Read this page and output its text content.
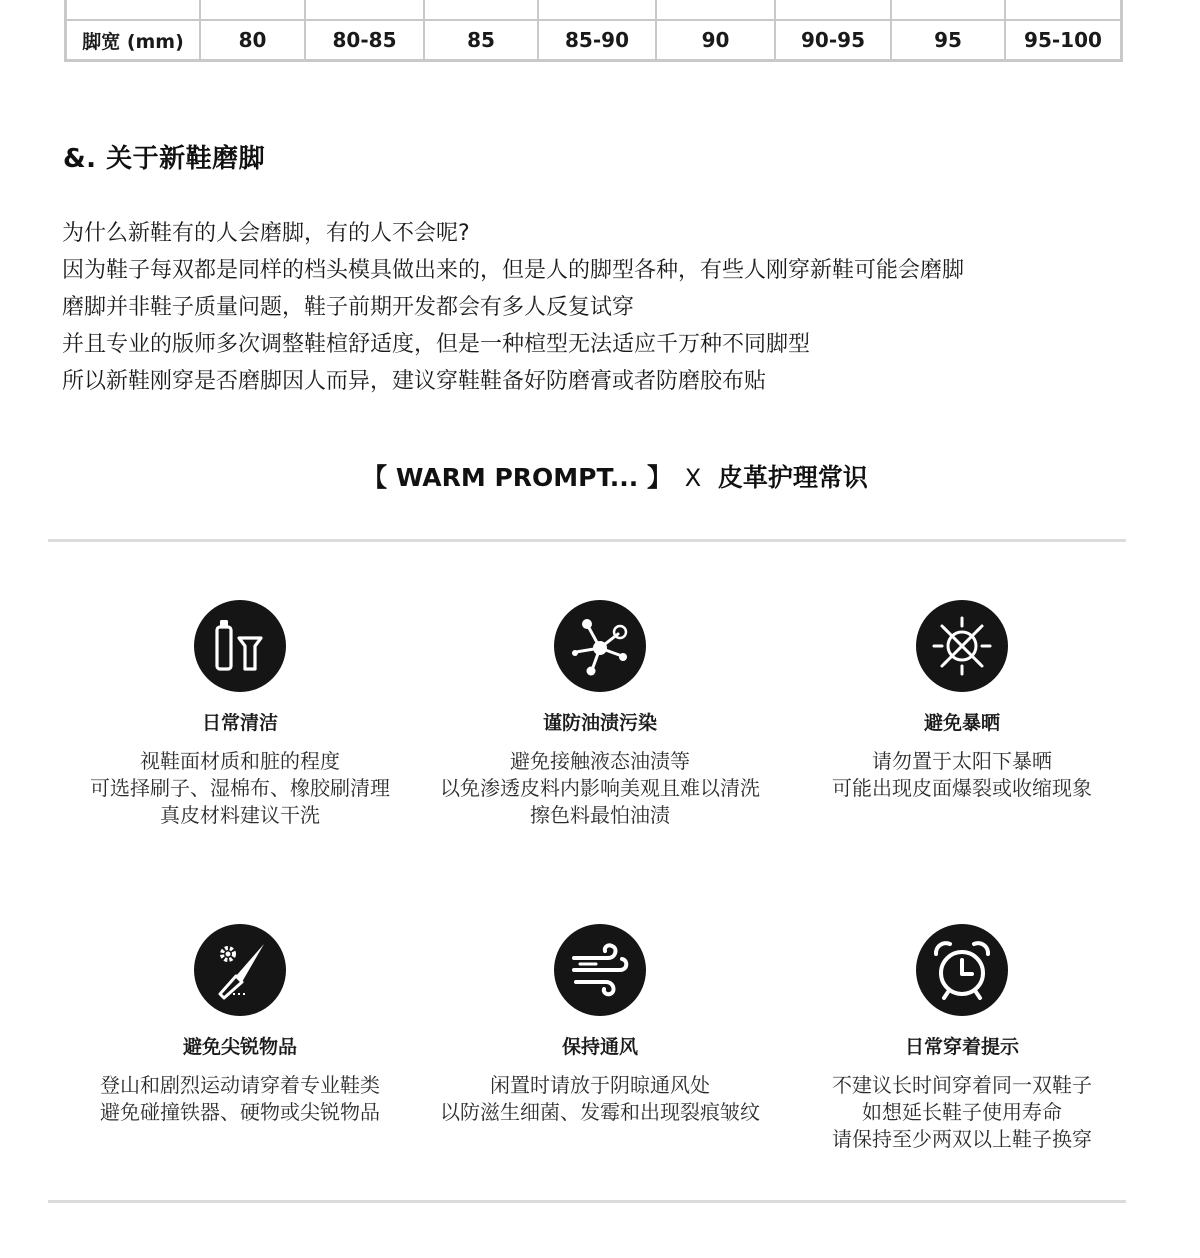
脚宽 (mm)	80	80-85	85	85-90	90	90-95	95	95-100
&. 关于新鞋磨脚

为什么新鞋有的人会磨脚，有的人不会呢?

因为鞋子每双都是同样的档头模具做出来的，但是人的脚型各种，有些人刚穿新鞋可能会磨脚

磨脚并非鞋子质量问题，鞋子前期开发都会有多人反复试穿

并且专业的版师多次调整鞋楦舒适度，但是一种楦型无法适应千万种不同脚型

所以新鞋刚穿是否磨脚因人而异，建议穿鞋鞋备好防磨膏或者防磨胶布贴

【 WARM PROMPT... 】 X 皮革护理常识
日常清洁
视鞋面材质和脏的程度
可选择刷子、湿棉布、橡胶刷清理
真皮材料建议干洗
谨防油渍污染
避免接触液态油渍等
以免渗透皮料内影响美观且难以清洗
擦色料最怕油渍
避免暴晒
请勿置于太阳下暴晒
可能出现皮面爆裂或收缩现象
避免尖锐物品
登山和剧烈运动请穿着专业鞋类
避免碰撞铁器、硬物或尖锐物品
保持通风
闲置时请放于阴晾通风处
以防滋生细菌、发霉和出现裂痕皱纹
日常穿着提示
不建议长时间穿着同一双鞋子
如想延长鞋子使用寿命
请保持至少两双以上鞋子换穿
